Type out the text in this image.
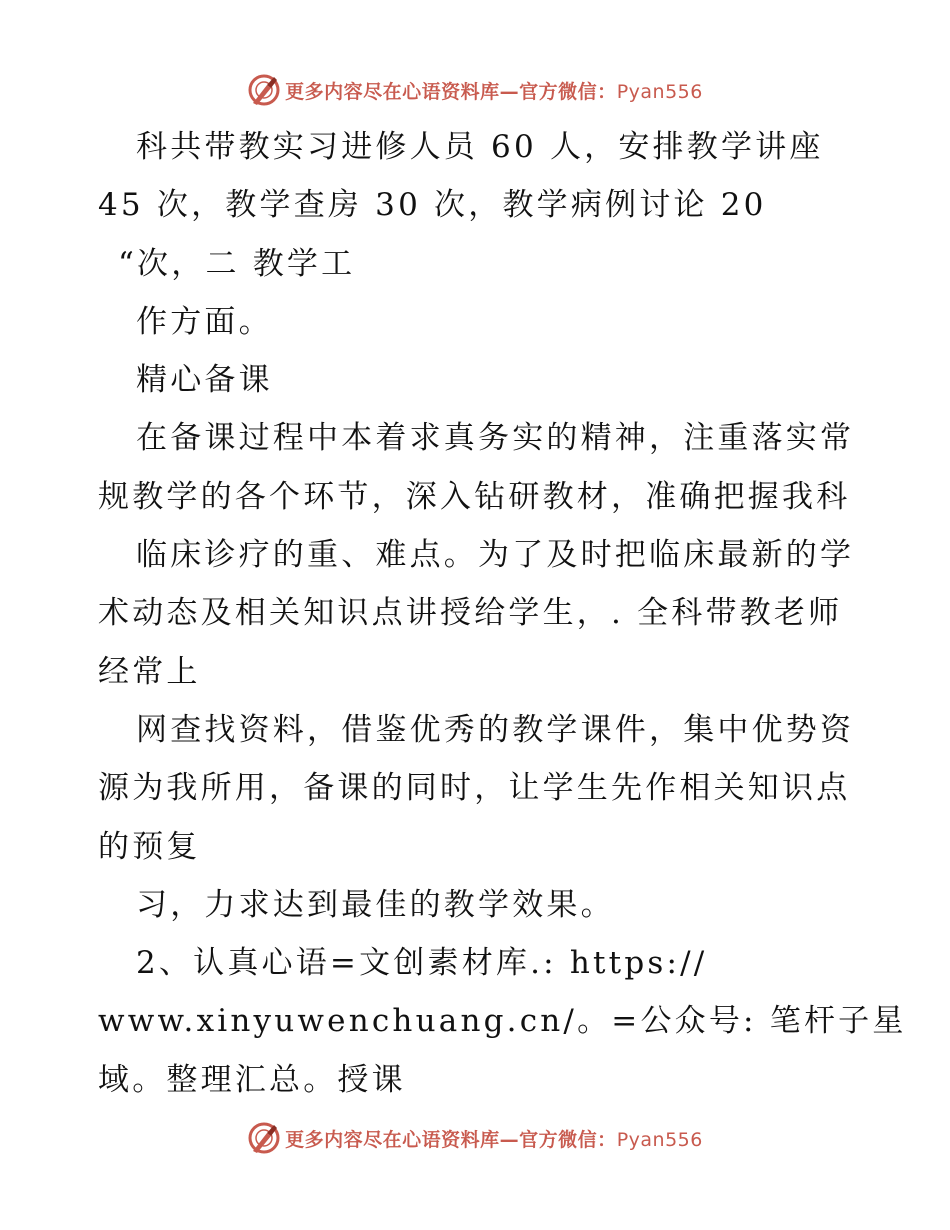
更多内容尽在心语资料库—官方微信：Pyan556
科共带教实习进修人员 60 人，安排教学讲座
45 次，教学查房 30 次，教学病例讨论 20
“次，二 教学工
作方面。
精心备课
在备课过程中本着求真务实的精神，注重落实常
规教学的各个环节，深入钻研教材，准确把握我科
临床诊疗的重、难点。为了及时把临床最新的学
术动态及相关知识点讲授给学生，. 全科带教老师
经常上
网查找资料，借鉴优秀的教学课件，集中优势资
源为我所用，备课的同时，让学生先作相关知识点
的预复
习，力求达到最佳的教学效果。
2、认真心语=文创素材库.: https://
www.xinyuwenchuang.cn/。=公众号: 笔杆子星
域。整理汇总。授课
更多内容尽在心语资料库—官方微信：Pyan556
